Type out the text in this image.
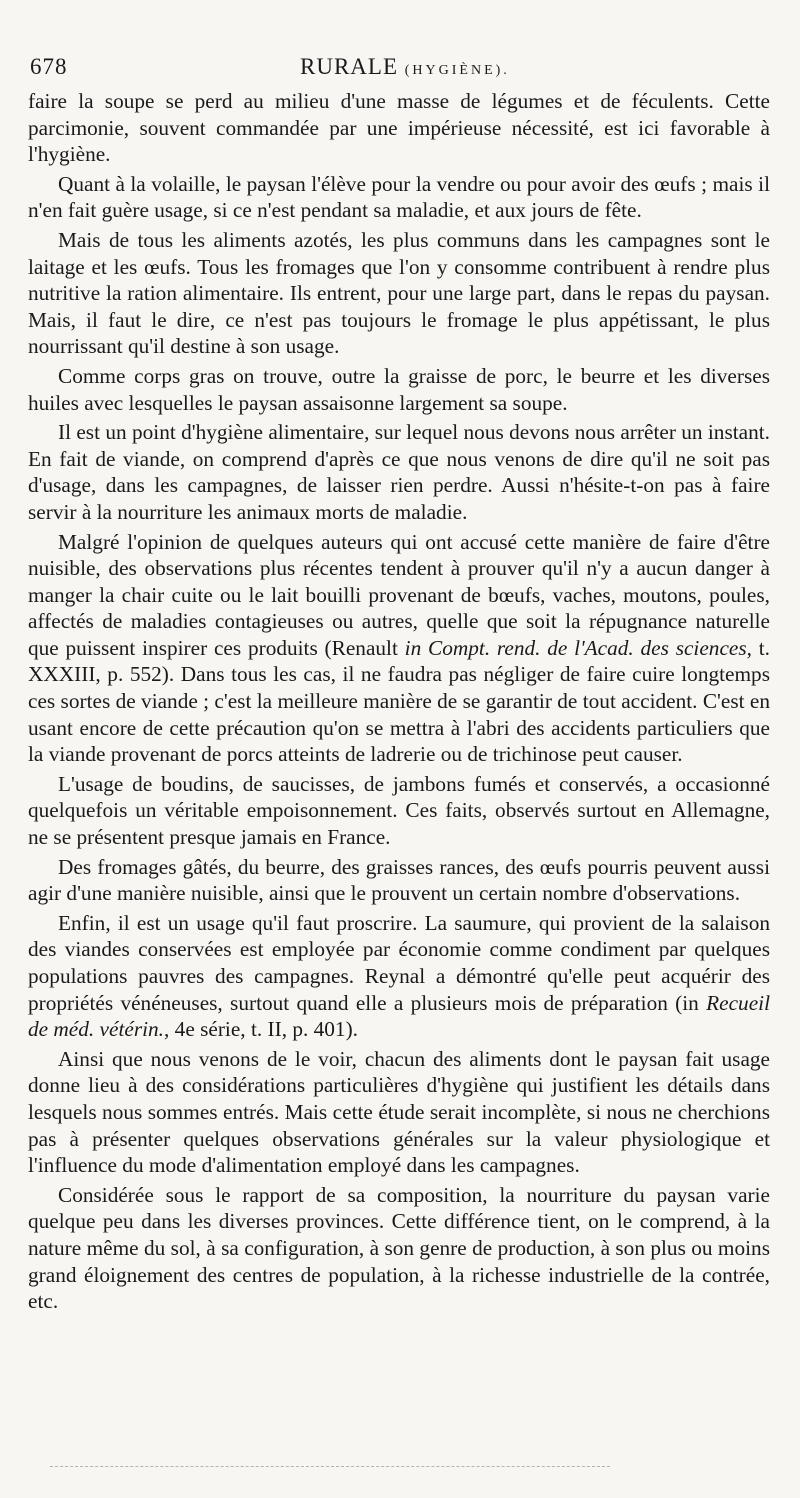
678	RURALE (HYGIÈNE).

faire la soupe se perd au milieu d'une masse de légumes et de féculents. Cette parcimonie, souvent commandée par une impérieuse nécessité, est ici favorable à l'hygiène.

Quant à la volaille, le paysan l'élève pour la vendre ou pour avoir des œufs ; mais il n'en fait guère usage, si ce n'est pendant sa maladie, et aux jours de fête.

Mais de tous les aliments azotés, les plus communs dans les campagnes sont le laitage et les œufs. Tous les fromages que l'on y consomme contribuent à rendre plus nutritive la ration alimentaire. Ils entrent, pour une large part, dans le repas du paysan. Mais, il faut le dire, ce n'est pas toujours le fromage le plus appétissant, le plus nourrissant qu'il destine à son usage.

Comme corps gras on trouve, outre la graisse de porc, le beurre et les diverses huiles avec lesquelles le paysan assaisonne largement sa soupe.

Il est un point d'hygiène alimentaire, sur lequel nous devons nous arrêter un instant. En fait de viande, on comprend d'après ce que nous venons de dire qu'il ne soit pas d'usage, dans les campagnes, de laisser rien perdre. Aussi n'hésite-t-on pas à faire servir à la nourriture les animaux morts de maladie.

Malgré l'opinion de quelques auteurs qui ont accusé cette manière de faire d'être nuisible, des observations plus récentes tendent à prouver qu'il n'y a aucun danger à manger la chair cuite ou le lait bouilli provenant de bœufs, vaches, moutons, poules, affectés de maladies contagieuses ou autres, quelle que soit la répugnance naturelle que puissent inspirer ces produits (Renault in Compt. rend. de l'Acad. des sciences, t. XXXIII, p. 552). Dans tous les cas, il ne faudra pas négliger de faire cuire longtemps ces sortes de viande ; c'est la meilleure manière de se garantir de tout accident. C'est en usant encore de cette précaution qu'on se mettra à l'abri des accidents particuliers que la viande provenant de porcs atteints de ladrerie ou de trichinose peut causer.

L'usage de boudins, de saucisses, de jambons fumés et conservés, a occasionné quelquefois un véritable empoisonnement. Ces faits, observés surtout en Allemagne, ne se présentent presque jamais en France.

Des fromages gâtés, du beurre, des graisses rances, des œufs pourris peuvent aussi agir d'une manière nuisible, ainsi que le prouvent un certain nombre d'observations.

Enfin, il est un usage qu'il faut proscrire. La saumure, qui provient de la salaison des viandes conservées est employée par économie comme condiment par quelques populations pauvres des campagnes. Reynal a démontré qu'elle peut acquérir des propriétés vénéneuses, surtout quand elle a plusieurs mois de préparation (in Recueil de méd. vétérin., 4e série, t. II, p. 401).

Ainsi que nous venons de le voir, chacun des aliments dont le paysan fait usage donne lieu à des considérations particulières d'hygiène qui justifient les détails dans lesquels nous sommes entrés. Mais cette étude serait incomplète, si nous ne cherchions pas à présenter quelques observations générales sur la valeur physiologique et l'influence du mode d'alimentation employé dans les campagnes.

Considérée sous le rapport de sa composition, la nourriture du paysan varie quelque peu dans les diverses provinces. Cette différence tient, on le comprend, à la nature même du sol, à sa configuration, à son genre de production, à son plus ou moins grand éloignement des centres de population, à la richesse industrielle de la contrée, etc.
